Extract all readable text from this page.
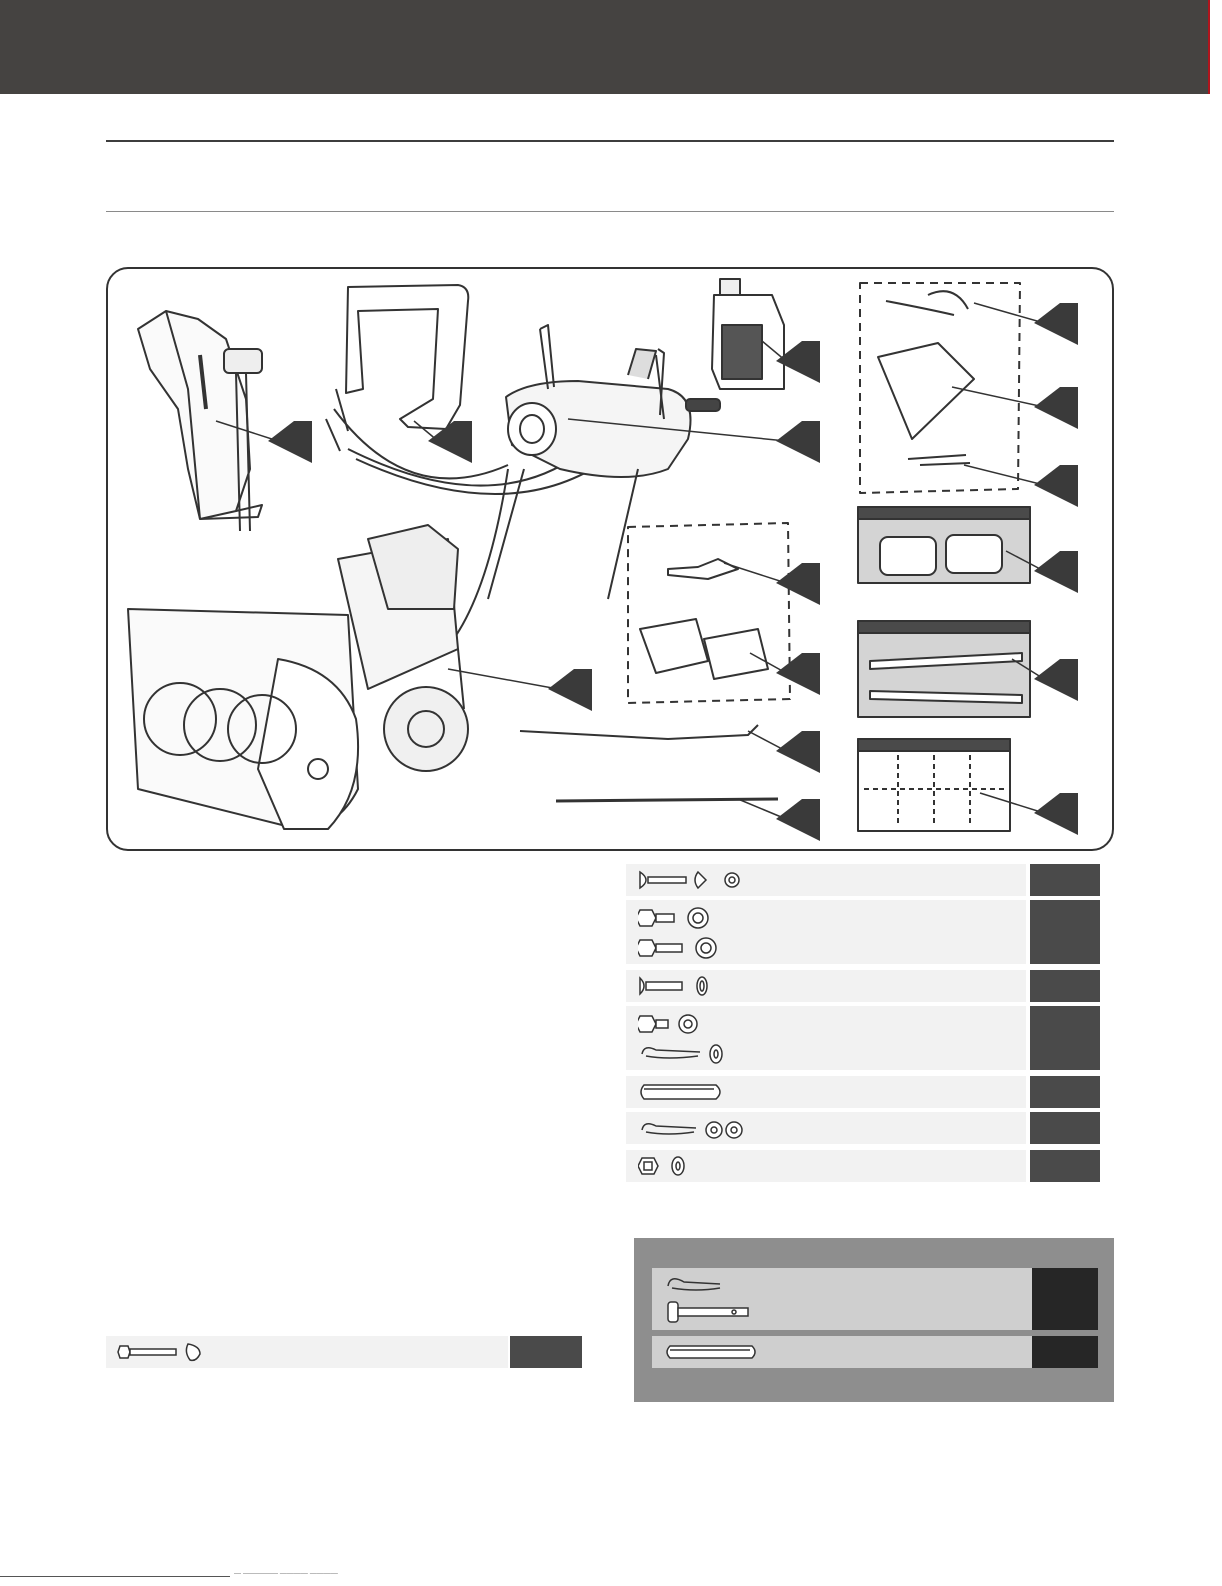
— ————— ———— ————
